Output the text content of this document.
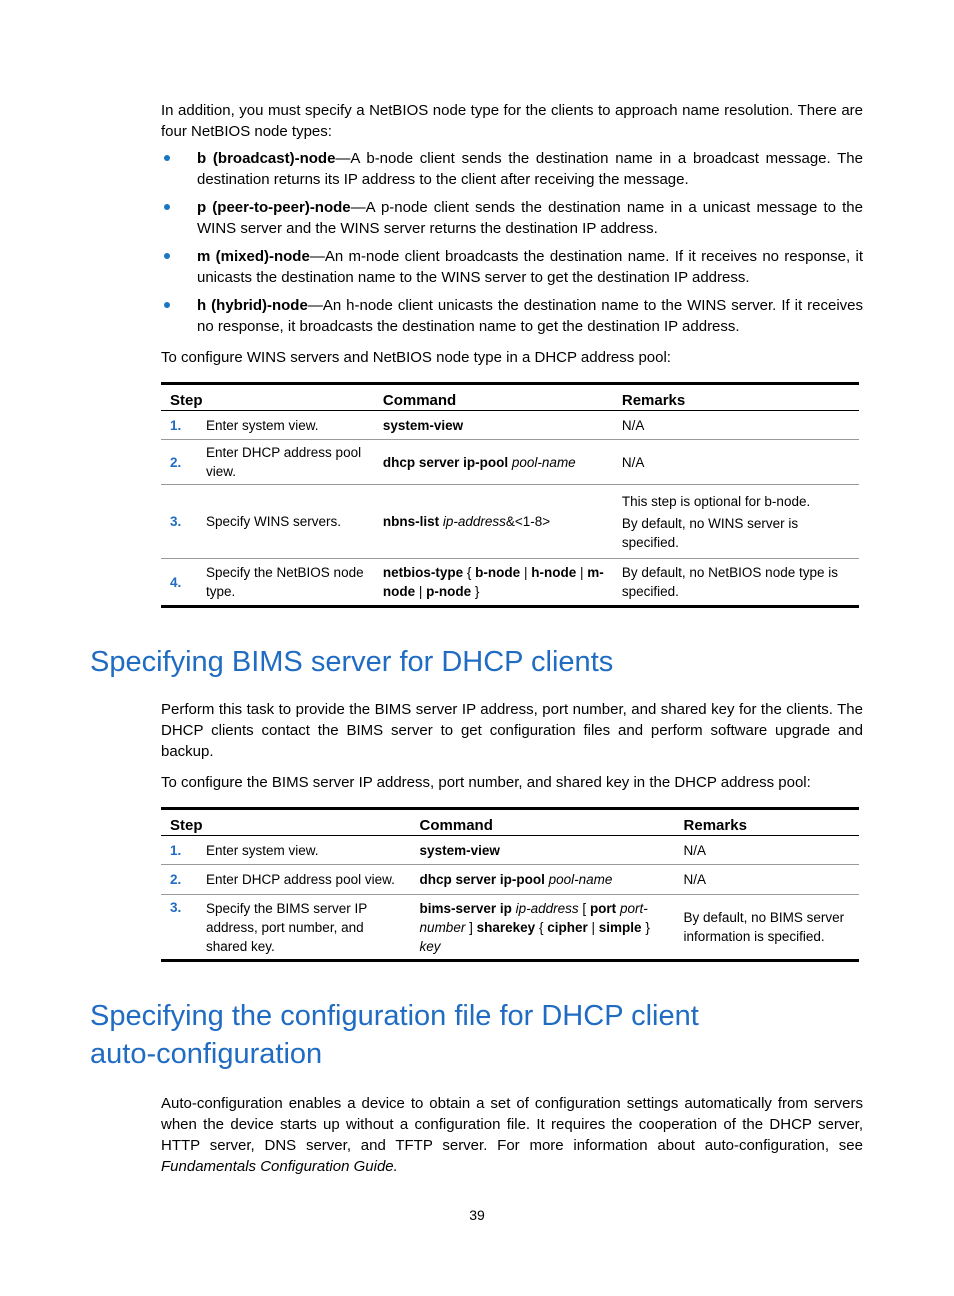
In addition, you must specify a NetBIOS node type for the clients to approach name resolution. There are four NetBIOS node types:

b (broadcast)-node—A b-node client sends the destination name in a broadcast message. The destination returns its IP address to the client after receiving the message.
p (peer-to-peer)-node—A p-node client sends the destination name in a unicast message to the WINS server and the WINS server returns the destination IP address.
m (mixed)-node—An m-node client broadcasts the destination name. If it receives no response, it unicasts the destination name to the WINS server to get the destination IP address.
h (hybrid)-node—An h-node client unicasts the destination name to the WINS server. If it receives no response, it broadcasts the destination name to get the destination IP address.

To configure WINS servers and NetBIOS node type in a DHCP address pool:

Step		Command	Remarks
1.	Enter system view.	system-view	N/A
2.	Enter DHCP address pool view.	dhcp server ip-pool pool-name	N/A
3.	Specify WINS servers.	nbns-list ip-address&<1-8>	This step is optional for b-node.

By default, no WINS server is specified.

4.	Specify the NetBIOS node type.	netbios-type { b-node | h-node | m-node | p-node }	By default, no NetBIOS node type is specified.
Specifying BIMS server for DHCP clients

Perform this task to provide the BIMS server IP address, port number, and shared key for the clients. The DHCP clients contact the BIMS server to get configuration files and perform software upgrade and backup.

To configure the BIMS server IP address, port number, and shared key in the DHCP address pool:

Step		Command	Remarks
1.	Enter system view.	system-view	N/A
2.	Enter DHCP address pool view.	dhcp server ip-pool pool-name	N/A
3.	Specify the BIMS server IP address, port number, and shared key.	bims-server ip ip-address [ port port-number ] sharekey { cipher | simple } key	By default, no BIMS server information is specified.
Specifying the configuration file for DHCP client auto-configuration

Auto-configuration enables a device to obtain a set of configuration settings automatically from servers when the device starts up without a configuration file. It requires the cooperation of the DHCP server, HTTP server, DNS server, and TFTP server. For more information about auto-configuration, see Fundamentals Configuration Guide.

39
